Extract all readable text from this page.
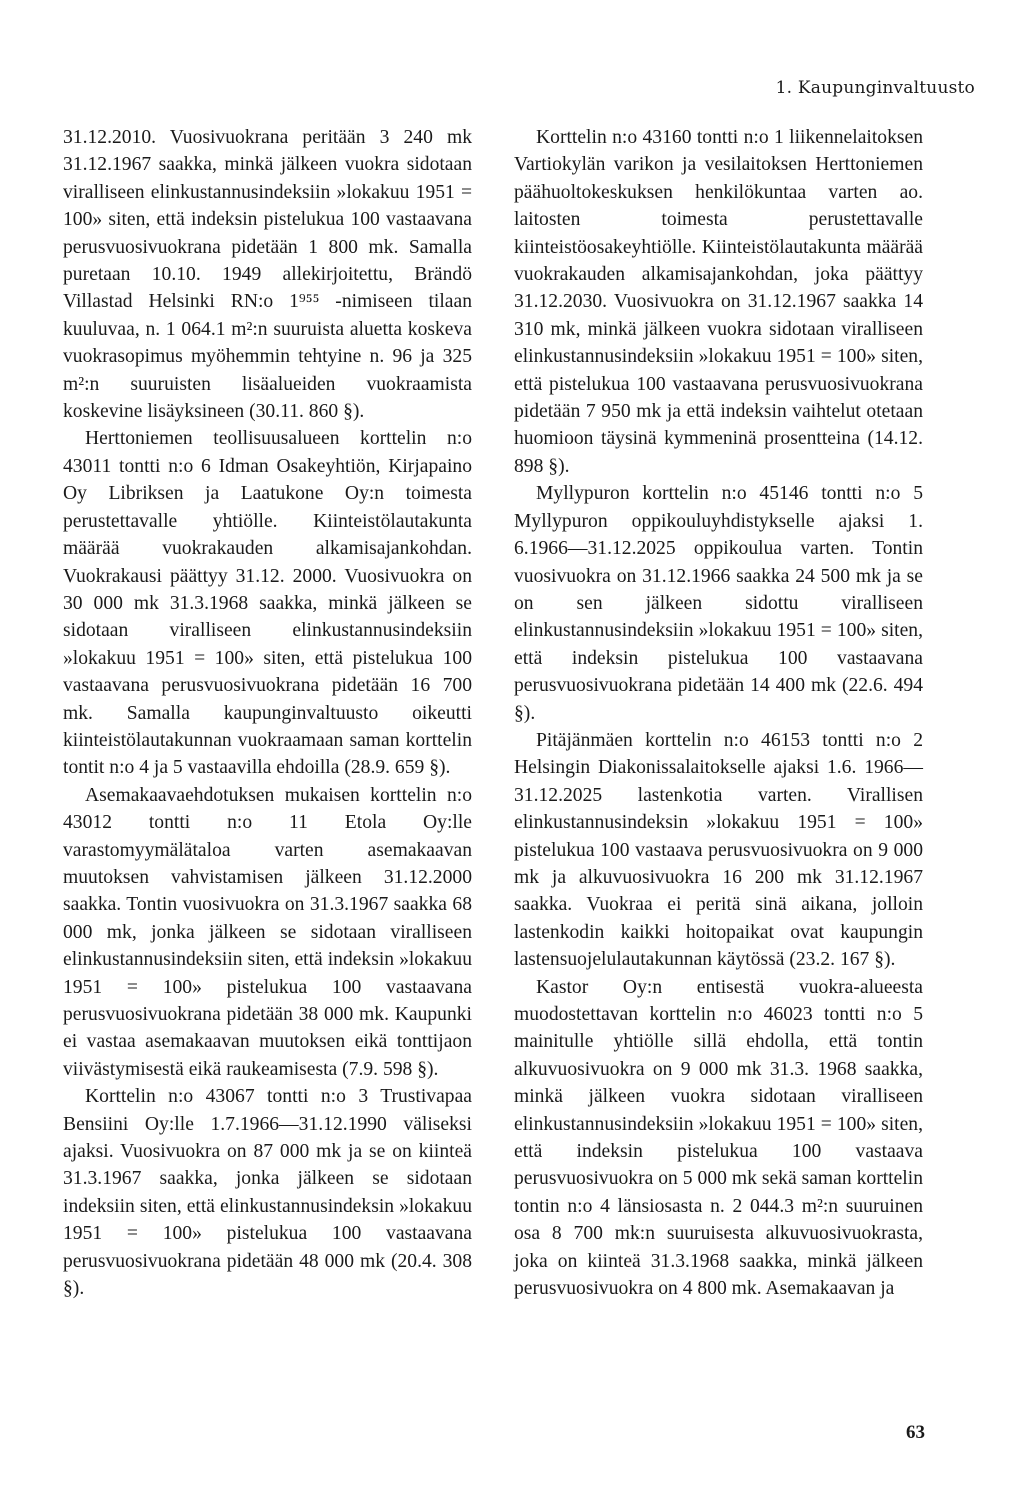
1. Kaupunginvaltuusto

31.12.2010. Vuosivuokrana peritään 3 240 mk 31.12.1967 saakka, minkä jälkeen vuokra sidotaan viralliseen elinkustannusindeksiin »lokakuu 1951 = 100» siten, että indeksin pistelukua 100 vastaavana perusvuosivuokrana pidetään 1 800 mk. Samalla puretaan 10.10. 1949 allekirjoitettu, Brändö Villastad Helsinki RN:o 1⁹⁵⁵ -nimiseen tilaan kuuluvaa, n. 1 064.1 m²:n suuruista aluetta koskeva vuokrasopimus myöhemmin tehtyine n. 96 ja 325 m²:n suuruisten lisäalueiden vuokraamista koskevine lisäyksineen (30.11. 860 §).

Herttoniemen teollisuusalueen korttelin n:o 43011 tontti n:o 6 Idman Osakeyhtiön, Kirjapaino Oy Libriksen ja Laatukone Oy:n toimesta perustettavalle yhtiölle. Kiinteistölautakunta määrää vuokrakauden alkamisajankohdan. Vuokrakausi päättyy 31.12. 2000. Vuosivuokra on 30 000 mk 31.3.1968 saakka, minkä jälkeen se sidotaan viralliseen elinkustannusindeksiin »lokakuu 1951 = 100» siten, että pistelukua 100 vastaavana perusvuosivuokrana pidetään 16 700 mk. Samalla kaupunginvaltuusto oikeutti kiinteistölautakunnan vuokraamaan saman korttelin tontit n:o 4 ja 5 vastaavilla ehdoilla (28.9. 659 §).

Asemakaavaehdotuksen mukaisen korttelin n:o 43012 tontti n:o 11 Etola Oy:lle varastomyymälätaloa varten asemakaavan muutoksen vahvistamisen jälkeen 31.12.2000 saakka. Tontin vuosivuokra on 31.3.1967 saakka 68 000 mk, jonka jälkeen se sidotaan viralliseen elinkustannusindeksiin siten, että indeksin »lokakuu 1951 = 100» pistelukua 100 vastaavana perusvuosivuokrana pidetään 38 000 mk. Kaupunki ei vastaa asemakaavan muutoksen eikä tonttijaon viivästymisestä eikä raukeamisesta (7.9. 598 §).

Korttelin n:o 43067 tontti n:o 3 Trustivapaa Bensiini Oy:lle 1.7.1966—31.12.1990 väliseksi ajaksi. Vuosivuokra on 87 000 mk ja se on kiinteä 31.3.1967 saakka, jonka jälkeen se sidotaan indeksiin siten, että elinkustannusindeksin »lokakuu 1951 = 100» pistelukua 100 vastaavana perusvuosivuokrana pidetään 48 000 mk (20.4. 308 §).

Korttelin n:o 43160 tontti n:o 1 liikennelaitoksen Vartiokylän varikon ja vesilaitoksen Herttoniemen päähuoltokeskuksen henkilökuntaa varten ao. laitosten toimesta perustettavalle kiinteistöosakeyhtiölle. Kiinteistölautakunta määrää vuokrakauden alkamisajankohdan, joka päättyy 31.12.2030. Vuosivuokra on 31.12.1967 saakka 14 310 mk, minkä jälkeen vuokra sidotaan viralliseen elinkustannusindeksiin »lokakuu 1951 = 100» siten, että pistelukua 100 vastaavana perusvuosivuokrana pidetään 7 950 mk ja että indeksin vaihtelut otetaan huomioon täysinä kymmeninä prosentteina (14.12. 898 §).

Myllypuron korttelin n:o 45146 tontti n:o 5 Myllypuron oppikouluyhdistykselle ajaksi 1. 6.1966—31.12.2025 oppikoulua varten. Tontin vuosivuokra on 31.12.1966 saakka 24 500 mk ja se on sen jälkeen sidottu viralliseen elinkustannusindeksiin »lokakuu 1951 = 100» siten, että indeksin pistelukua 100 vastaavana perusvuosivuokrana pidetään 14 400 mk (22.6. 494 §).

Pitäjänmäen korttelin n:o 46153 tontti n:o 2 Helsingin Diakonissalaitokselle ajaksi 1.6. 1966—31.12.2025 lastenkotia varten. Virallisen elinkustannusindeksin »lokakuu 1951 = 100» pistelukua 100 vastaava perusvuosivuokra on 9 000 mk ja alkuvuosivuokra 16 200 mk 31.12.1967 saakka. Vuokraa ei peritä sinä aikana, jolloin lastenkodin kaikki hoitopaikat ovat kaupungin lastensuojelulautakunnan käytössä (23.2. 167 §).

Kastor Oy:n entisestä vuokra-alueesta muodostettavan korttelin n:o 46023 tontti n:o 5 mainitulle yhtiölle sillä ehdolla, että tontin alkuvuosivuokra on 9 000 mk 31.3. 1968 saakka, minkä jälkeen vuokra sidotaan viralliseen elinkustannusindeksiin »lokakuu 1951 = 100» siten, että indeksin pistelukua 100 vastaava perusvuosivuokra on 5 000 mk sekä saman korttelin tontin n:o 4 länsiosasta n. 2 044.3 m²:n suuruinen osa 8 700 mk:n suuruisesta alkuvuosivuokrasta, joka on kiinteä 31.3.1968 saakka, minkä jälkeen perusvuosivuokra on 4 800 mk. Asemakaavan ja

63
